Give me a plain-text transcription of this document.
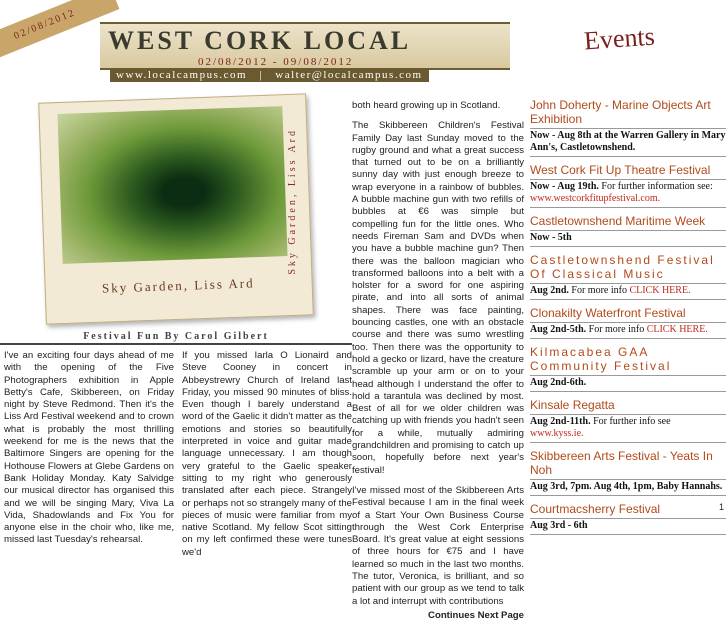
02/08/2012	WEST CORK LOCAL
02/08/2012 - 09/08/2012
www.localcampus.com | walter@localcampus.com
Events
Sky Garden, Liss Ard
Sky Garden, Liss Ard
Festival Fun By Carol Gilbert
I've an exciting four days ahead of me with the opening of the Five Photographers exhibition in Apple Betty's Cafe, Skibbereen, on Friday night by Steve Redmond. Then it's the Liss Ard Festival weekend and to crown what is probably the most thrilling weekend for me is the news that the Baltimore Singers are opening for the Hothouse Flowers at Glebe Gardens on Bank Holiday Monday. Katy Salvidge our musical director has organised this and we will be singing Mary, Viva La Vida, Shadowlands and Fix You for anyone else in the choir who, like me, missed last Tuesday's rehearsal.
If you missed Iarla O Lionaird and Steve Cooney in concert in Abbeystrewry Church of Ireland last Friday, you missed 90 minutes of bliss. Even though I barely understand a word of the Gaelic it didn't matter as the emotions and stories so beautifully interpreted in voice and guitar made language unnecessary. I am though very grateful to the Gaelic speaker sitting to my right who generously translated after each piece. Strangely or perhaps not so strangely many of the pieces of music were familiar from my native Scotland. My fellow Scot sitting on my left confirmed these were tunes we'd

both heard growing up in Scotland.

The Skibbereen Children's Festival Family Day last Sunday moved to the rugby ground and what a great success that turned out to be on a brilliantly sunny day with just enough breeze to wrap everyone in a rainbow of bubbles. A bubble machine gun with two refills of bubbles at €6 was simple but compelling fun for the little ones. Who needs Fireman Sam and DVDs when you have a bubble machine gun? Then there was the balloon magician who transformed balloons into a belt with a holster for a sword for one aspiring pirate, and into all sorts of animal shapes. There was face painting, bouncing castles, one with an obstacle course and there was sumo wrestling too. Then there was the opportunity to hold a gecko or lizard, have the creature scramble up your arm or on to your head although I understand the offer to hold a tarantula was declined by most. Best of all for we older children was catching up with friends you hadn't seen for a while, mutually admiring grandchildren and promising to catch up soon, hopefully before next year's festival!

I've missed most of the Skibbereen Arts Festival because I am in the final week of a Start Your Own Business Course through the West Cork Enterprise Board. It's great value at eight sessions of three hours for €75 and I have learned so much in the last two months. The tutor, Veronica, is brilliant, and so patient with our group as we tend to talk a lot and interrupt with contributions

Continues Next Page
John Doherty - Marine Objects Art Exhibition
Now - Aug 8th at the Warren Gallery in Mary Ann's, Castletownshend.
West Cork Fit Up Theatre Festival
Now - Aug 19th. For further information see: www.westcorkfitupfestival.com.
Castletownshend Maritime Week
Now - 5th
Castletownshend Festival Of Classical Music
Aug 2nd. For more info CLICK HERE.
Clonakilty Waterfront Festival
Aug 2nd-5th. For more info CLICK HERE.
Kilmacabea GAA Community Festival
Aug 2nd-6th.
Kinsale Regatta
Aug 2nd-11th. For further info see www.kyss.ie.
Skibbereen Arts Festival - Yeats In Noh
Aug 3rd, 7pm. Aug 4th, 1pm, Baby Hannahs.
Courtmacsherry Festival
Aug 3rd - 6th
1
